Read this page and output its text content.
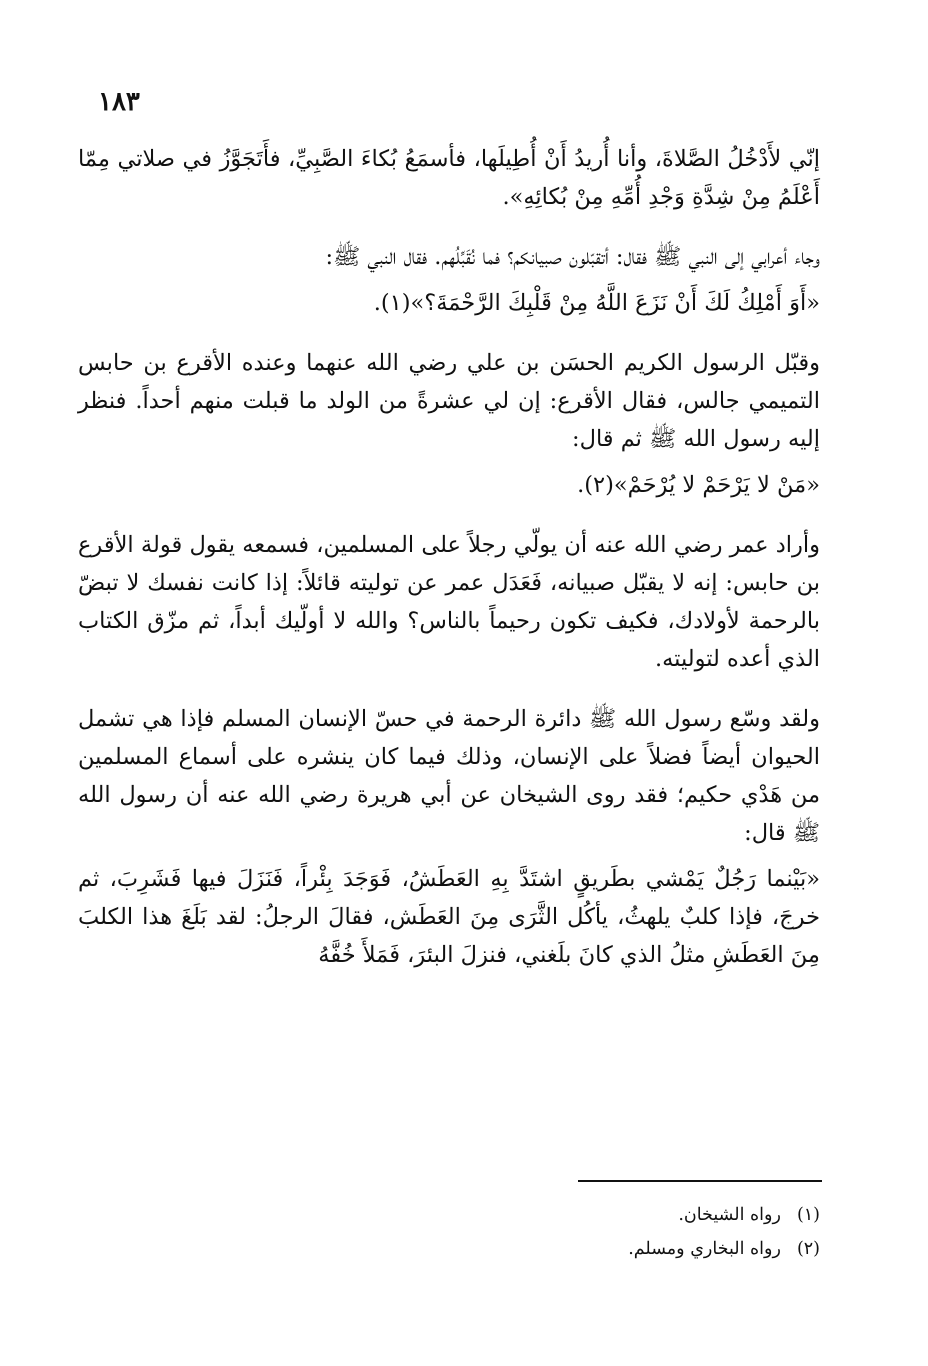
١٨٣

إنّي لأَدْخُلُ الصَّلاةَ، وأنا أُريدُ أَنْ أُطِيلَها، فأسمَعُ بُكاءَ الصَّبِيِّ، فأَتَجَوَّزُ في صلاتي مِمّا أَعْلَمُ مِنْ شِدَّةِ وَجْدِ أُمِّهِ مِنْ بُكائِهِ».

وجاء أعرابي إلى النبي ﷺ فقال: أتقبّلون صبيانكم؟ فما نُقَبِّلُهم. فقال النبي ﷺ:

«أَوَ أَمْلِكُ لَكَ أَنْ نَزَعَ اللَّهُ مِنْ قَلْبِكَ الرَّحْمَةَ؟»(١).

وقبّل الرسول الكريم الحسَن بن علي رضي الله عنهما وعنده الأقرع بن حابس التميمي جالس، فقال الأقرع: إن لي عشرةً من الولد ما قبلت منهم أحداً. فنظر إليه رسول الله ﷺ ثم قال:

«مَنْ لا يَرْحَمْ لا يُرْحَمْ»(٢).

وأراد عمر رضي الله عنه أن يولّي رجلاً على المسلمين، فسمعه يقول قولة الأقرع بن حابس: إنه لا يقبّل صبيانه، فَعَدَل عمر عن توليته قائلاً: إذا كانت نفسك لا تبضّ بالرحمة لأولادك، فكيف تكون رحيماً بالناس؟ والله لا أولّيك أبداً، ثم مزّق الكتاب الذي أعده لتوليته.

ولقد وسّع رسول الله ﷺ دائرة الرحمة في حسّ الإنسان المسلم فإذا هي تشمل الحيوان أيضاً فضلاً على الإنسان، وذلك فيما كان ينشره على أسماع المسلمين من هَدْي حكيم؛ فقد روى الشيخان عن أبي هريرة رضي الله عنه أن رسول الله ﷺ قال:

«بَيْنما رَجُلٌ يَمْشي بطَريقٍ اشتَدَّ بِهِ العَطَشُ، فَوَجَدَ بِئْراً، فَنَزَلَ فيها فَشَرِبَ، ثم خرجَ، فإذا كلبٌ يلهثُ، يأكُل الثَّرَى مِنَ العَطَش، فقالَ الرجلُ: لقد بَلَغَ هذا الكلبَ مِنَ العَطَشِ مثلُ الذي كانَ بلَغني، فنزلَ البئرَ، فَمَلأَ خُفَّهُ

(١)رواه الشيخان.
(٢)رواه البخاري ومسلم.
